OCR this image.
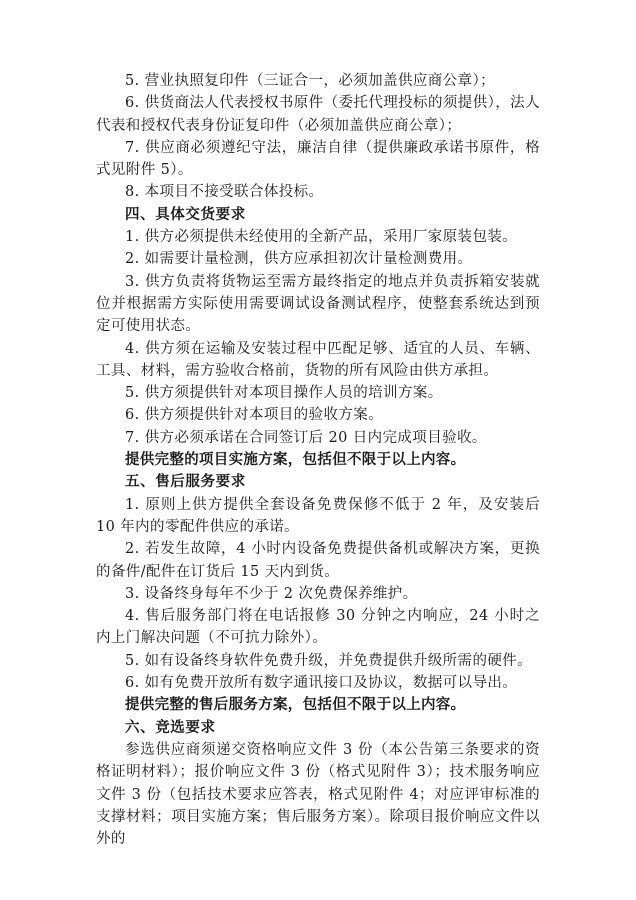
5. 营业执照复印件（三证合一，必须加盖供应商公章）；

6. 供货商法人代表授权书原件（委托代理投标的须提供），法人代表和授权代表身份证复印件（必须加盖供应商公章）；

7. 供应商必须遵纪守法，廉洁自律（提供廉政承诺书原件，格式见附件 5）。

8. 本项目不接受联合体投标。

四、具体交货要求

1. 供方必须提供未经使用的全新产品，采用厂家原装包装。

2. 如需要计量检测，供方应承担初次计量检测费用。

3. 供方负责将货物运至需方最终指定的地点并负责拆箱安装就位并根据需方实际使用需要调试设备测试程序，使整套系统达到预定可使用状态。

4. 供方须在运输及安装过程中匹配足够、适宜的人员、车辆、工具、材料，需方验收合格前，货物的所有风险由供方承担。

5. 供方须提供针对本项目操作人员的培训方案。

6. 供方须提供针对本项目的验收方案。

7. 供方必须承诺在合同签订后 20 日内完成项目验收。

提供完整的项目实施方案，包括但不限于以上内容。

五、售后服务要求

1. 原则上供方提供全套设备免费保修不低于 2 年，及安装后 10 年内的零配件供应的承诺。

2. 若发生故障，4 小时内设备免费提供备机或解决方案，更换的备件/配件在订货后 15 天内到货。

3. 设备终身每年不少于 2 次免费保养维护。

4. 售后服务部门将在电话报修 30 分钟之内响应，24 小时之内上门解决问题（不可抗力除外）。

5. 如有设备终身软件免费升级，并免费提供升级所需的硬件。

6. 如有免费开放所有数字通讯接口及协议，数据可以导出。

提供完整的售后服务方案，包括但不限于以上内容。

六、竞选要求

参选供应商须递交资格响应文件 3 份（本公告第三条要求的资格证明材料）；报价响应文件 3 份（格式见附件 3）；技术服务响应文件 3 份（包括技术要求应答表，格式见附件 4；对应评审标准的支撑材料；项目实施方案；售后服务方案）。除项目报价响应文件以外的
